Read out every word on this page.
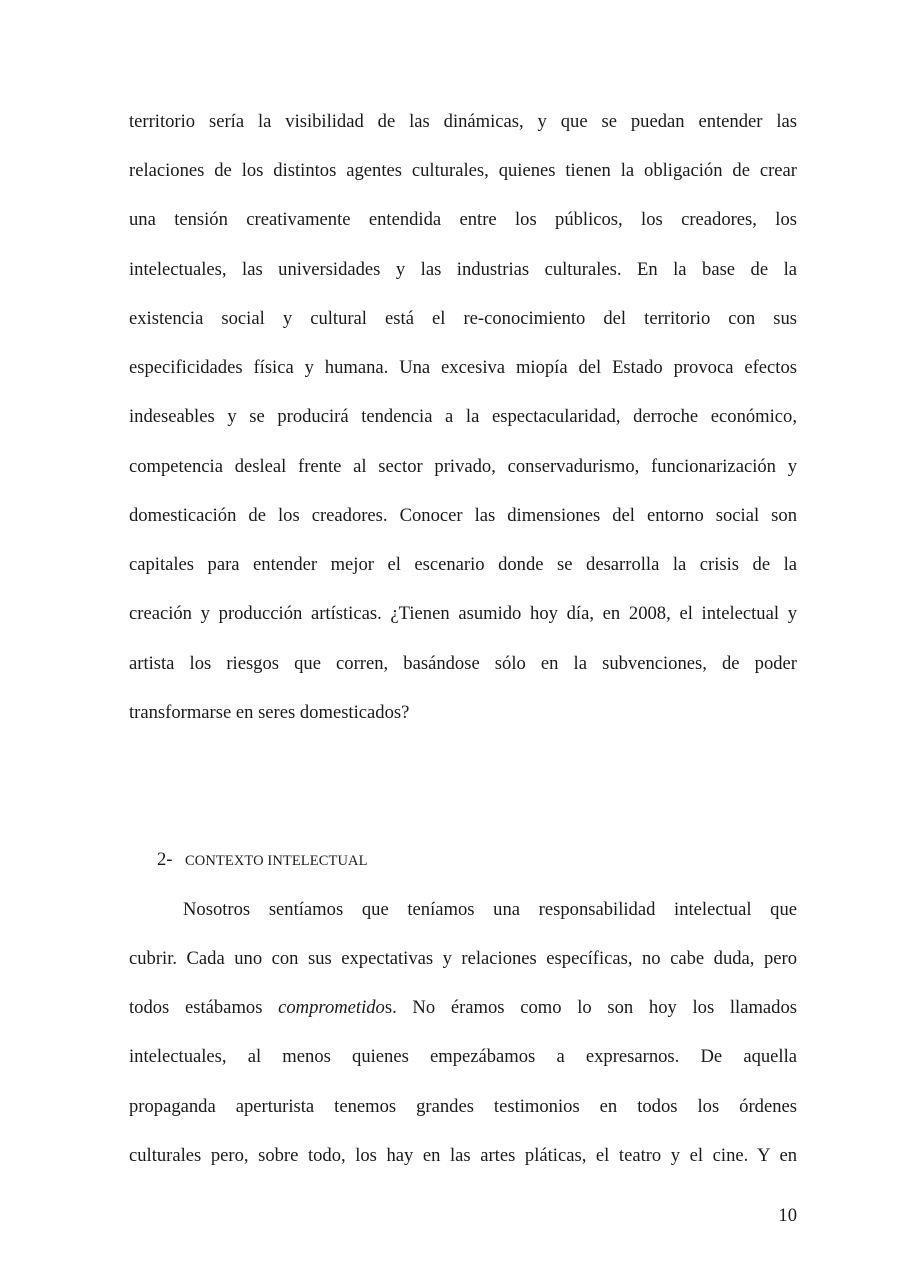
territorio sería la visibilidad de las dinámicas, y que se puedan entender las
relaciones de los distintos agentes culturales, quienes tienen la obligación de crear
una tensión creativamente entendida entre los públicos, los creadores, los
intelectuales, las universidades y las industrias culturales. En la base de la
existencia social y cultural está el re-conocimiento del territorio con sus
especificidades física y humana. Una excesiva miopía del Estado provoca efectos
indeseables y se producirá tendencia a la espectacularidad, derroche económico,
competencia desleal frente al sector privado, conservadurismo, funcionarización y
domesticación de los creadores. Conocer las dimensiones del entorno social son
capitales para entender mejor el escenario donde se desarrolla la crisis de la
creación y producción artísticas. ¿Tienen asumido hoy día, en 2008, el intelectual y
artista los riesgos que corren, basándose sólo en la subvenciones, de poder
transformarse en seres domesticados?
2- CONTEXTO INTELECTUAL
Nosotros sentíamos que teníamos una responsabilidad intelectual que
cubrir. Cada uno con sus expectativas y relaciones específicas, no cabe duda, pero
todos estábamos comprometidos. No éramos como lo son hoy los llamados
intelectuales, al menos quienes empezábamos a expresarnos. De aquella
propaganda aperturista tenemos grandes testimonios en todos los órdenes
culturales pero, sobre todo, los hay en las artes pláticas, el teatro y el cine. Y en
10
